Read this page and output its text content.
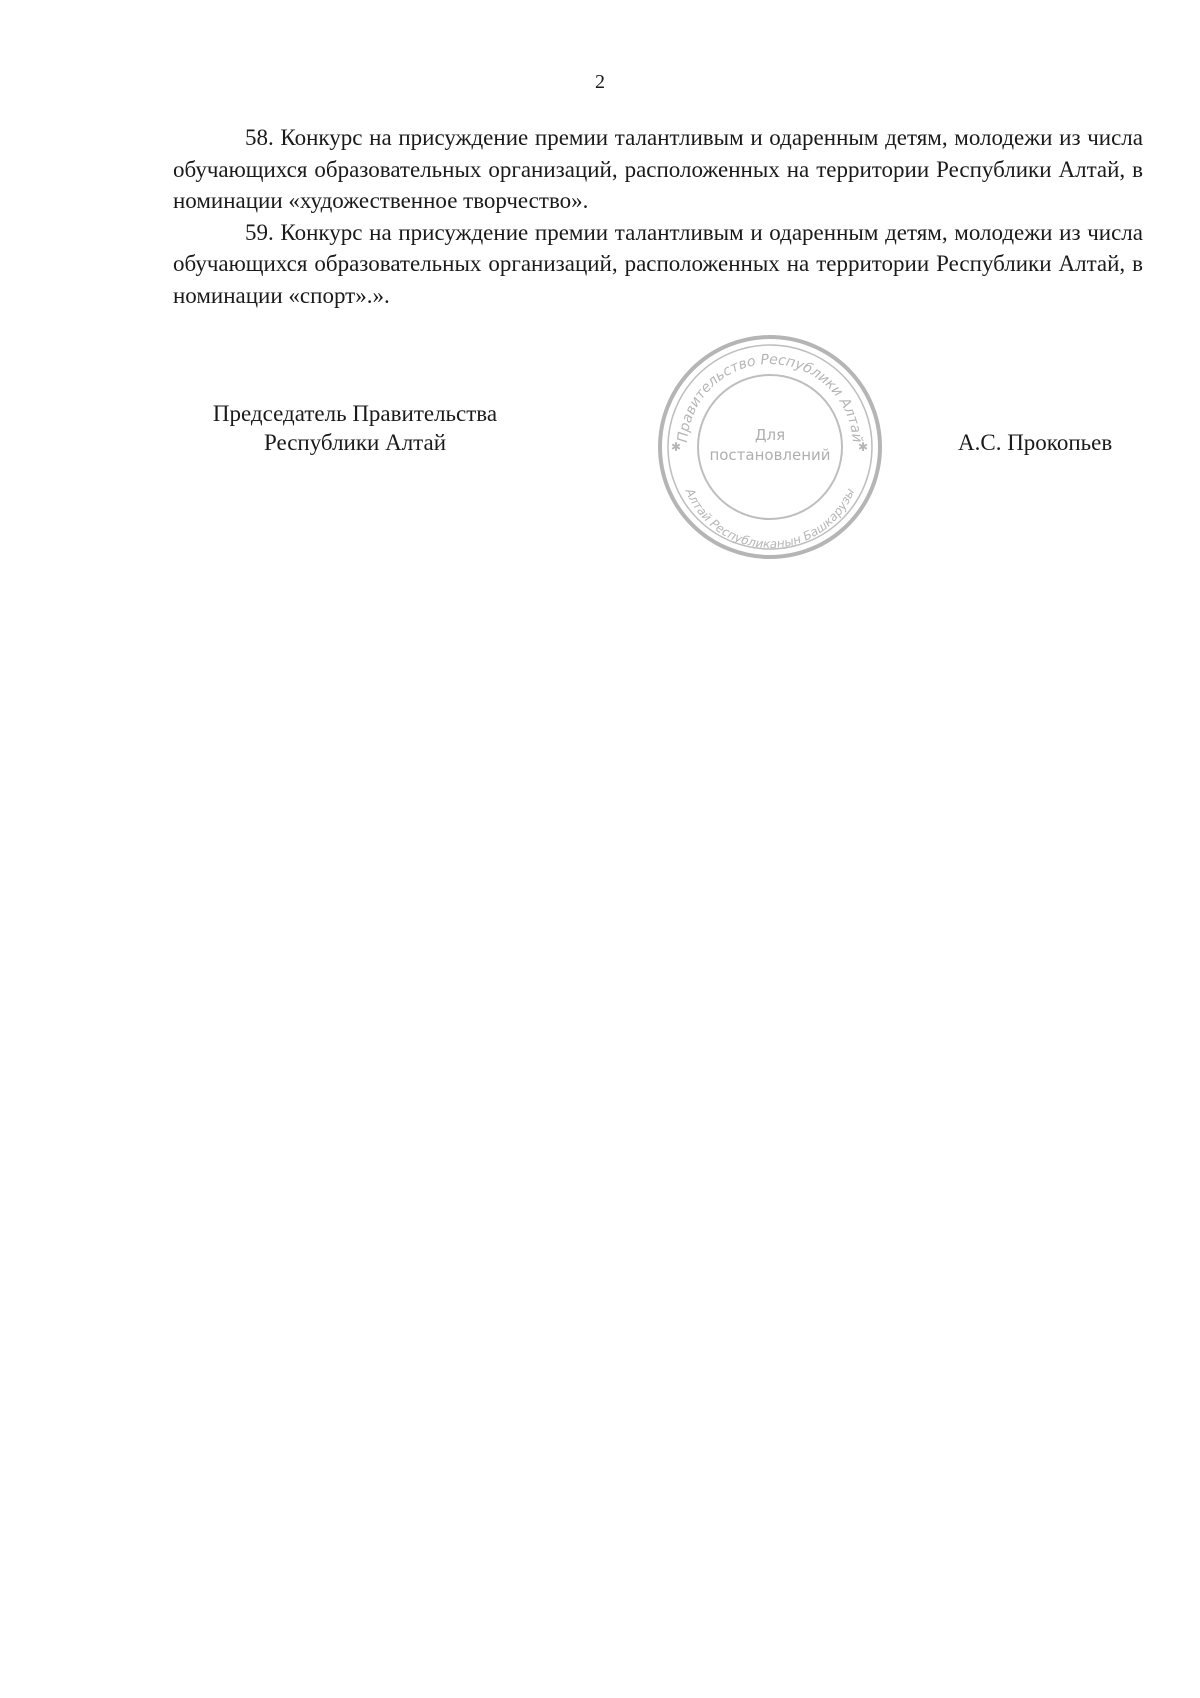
2

58. Конкурс на присуждение премии талантливым и одаренным детям, молодежи из числа обучающихся образовательных организаций, расположенных на территории Республики Алтай, в номинации «художественное творчество».

59. Конкурс на присуждение премии талантливым и одаренным детям, молодежи из числа обучающихся образовательных организаций, расположенных на территории Республики Алтай, в номинации «спорт».».

Председатель Правительства
Республики Алтай	Правительство Республики Алтай
Алтай Республиканын Башкарузы
✱	✱
Для
постановлений	А.С. Прокопьев
